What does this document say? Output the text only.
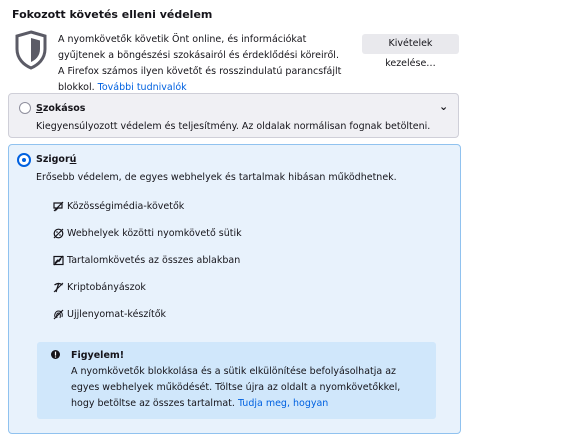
Fokozott követés elleni védelem
A nyomkövetők követik Önt online, és információkat gyűjtenek a böngészési szokásairól és érdeklődési köreiről. A Firefox számos ilyen követőt és rosszindulatú parancsfájlt blokkol. További tudnivalók
Kivételek kezelése…
Szokásos	⌄
Kiegyensúlyozott védelem és teljesítmény. Az oldalak normálisan fognak betölteni.
Szigorú
Erősebb védelem, de egyes webhelyek és tartalmak hibásan működhetnek.
Közösségimédia-követők
Webhelyek közötti nyomkövető sütik
Tartalomkövetés az összes ablakban
Kriptobányászok
Ujjlenyomat-készítők
Figyelem!
A nyomkövetők blokkolása és a sütik elkülönítése befolyásolhatja az egyes webhelyek működését. Töltse újra az oldalt a nyomkövetőkkel, hogy betöltse az összes tartalmat. Tudja meg, hogyan
